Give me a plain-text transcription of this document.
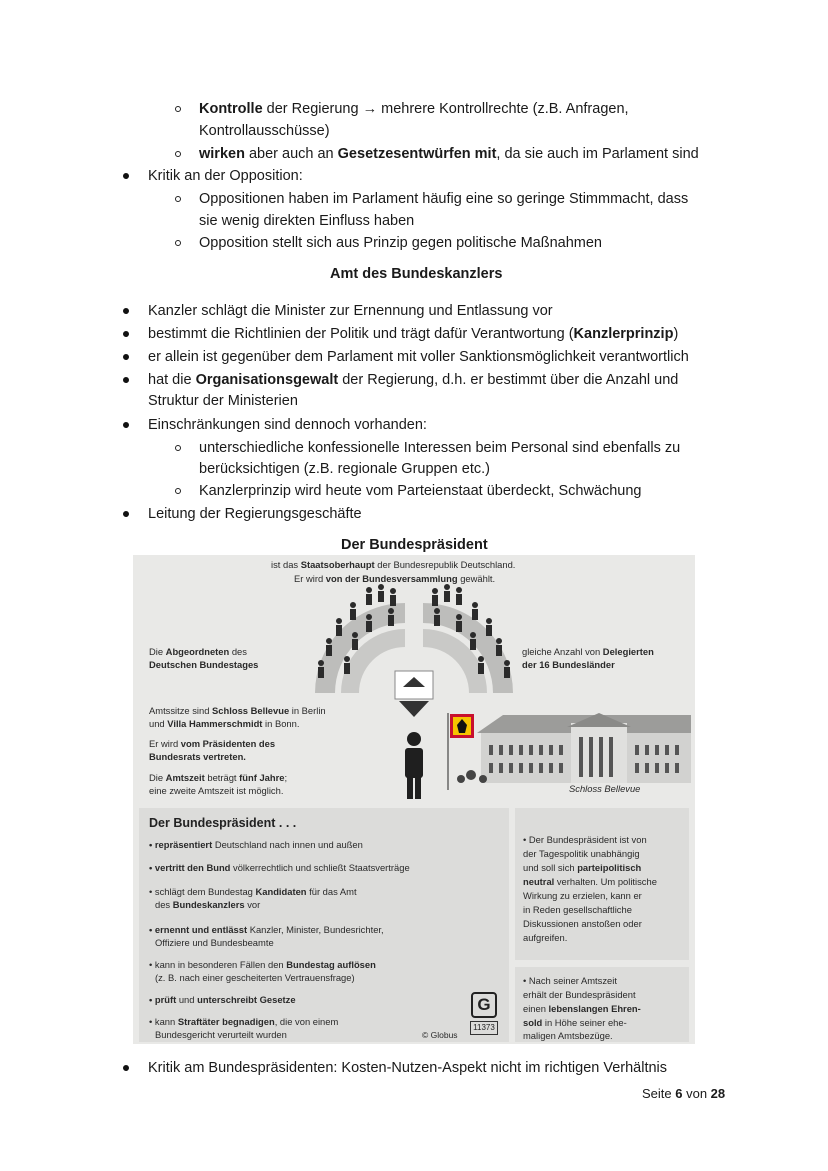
Kontrolle der Regierung → mehrere Kontrollrechte (z.B. Anfragen,
Kontrollausschüsse)
wirken aber auch an Gesetzesentwürfen mit, da sie auch im Parlament sind
Kritik an der Opposition:
Oppositionen haben im Parlament häufig eine so geringe Stimmmacht, dass
sie wenig direkten Einfluss haben
Opposition stellt sich aus Prinzip gegen politische Maßnahmen
Amt des Bundeskanzlers
Kanzler schlägt die Minister zur Ernennung und Entlassung vor
bestimmt die Richtlinien der Politik und trägt dafür Verantwortung (Kanzlerprinzip)
er allein ist gegenüber dem Parlament mit voller Sanktionsmöglichkeit verantwortlich
hat die Organisationsgewalt der Regierung, d.h. er bestimmt über die Anzahl und
Struktur der Ministerien
Einschränkungen sind dennoch vorhanden:
unterschiedliche konfessionelle Interessen beim Personal sind ebenfalls zu
berücksichtigen (z.B. regionale Gruppen etc.)
Kanzlerprinzip wird heute vom Parteienstaat überdeckt, Schwächung
Leitung der Regierungsgeschäfte
Der Bundespräsident
ist das Staatsoberhaupt der Bundesrepublik Deutschland.
Er wird von der Bundesversammlung gewählt.
Die Abgeordneten des
Deutschen Bundestages
gleiche Anzahl von Delegierten
der 16 Bundesländer
Amtssitze sind Schloss Bellevue in Berlin
und Villa Hammerschmidt in Bonn.
Er wird vom Präsidenten des
Bundesrats vertreten.
Die Amtszeit beträgt fünf Jahre;
eine zweite Amtszeit ist möglich.	Schloss Bellevue
Der Bundespräsident . . .
• repräsentiert Deutschland nach innen und außen
• vertritt den Bund völkerrechtlich und schließt Staatsverträge
• schlägt dem Bundestag Kandidaten für das Amt
des Bundeskanzlers vor
• ernennt und entlässt Kanzler, Minister, Bundesrichter,
Offiziere und Bundesbeamte
• kann in besonderen Fällen den Bundestag auflösen
(z. B. nach einer gescheiterten Vertrauensfrage)
• prüft und unterschreibt Gesetze
• kann Straftäter begnadigen, die von einem
Bundesgericht verurteilt wurden
G
11373
© Globus
• Der Bundespräsident ist von
der Tagespolitik unabhängig
und soll sich parteipolitisch
neutral verhalten. Um politische
Wirkung zu erzielen, kann er
in Reden gesellschaftliche
Diskussionen anstoßen oder
aufgreifen.
• Nach seiner Amtszeit
erhält der Bundespräsident
einen lebenslangen Ehren-
sold in Höhe seiner ehe-
maligen Amtsbezüge.
Kritik am Bundespräsidenten: Kosten-Nutzen-Aspekt nicht im richtigen Verhältnis
Seite 6 von 28
